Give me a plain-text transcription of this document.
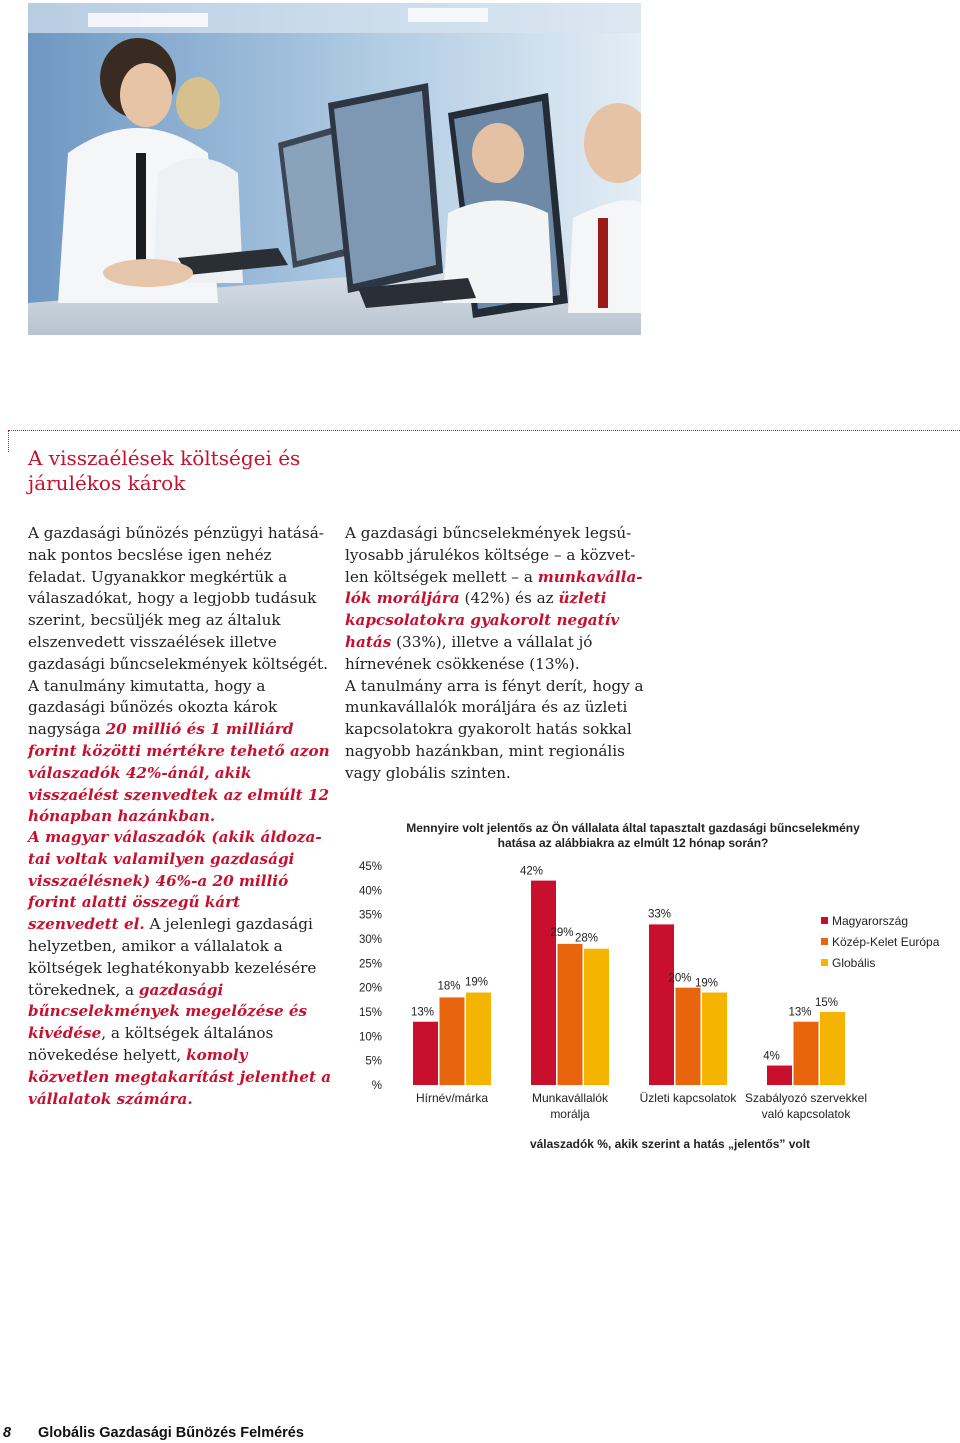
A visszaélések költségei és járulékos károk

A gazdasági bűnözés pénzügyi hatásának pontos becslése igen nehéz feladat. Ugyanakkor megkértük a válaszadókat, hogy a legjobb tudásuk szerint, becsüljék meg az általuk elszenvedett visszaélések illetve gazdasági bűncselekmények költségét. A tanulmány kimutatta, hogy a gazdasági bűnözés okozta károk nagysága 20 millió és 1 milliárd forint közötti mértékre tehető azon válaszadók 42%-ánál, akik visszaélést szenvedtek az elmúlt 12 hónapban hazánkban.

A magyar válaszadók (akik áldozatai voltak valamilyen gazdasági visszaélésnek) 46%-a 20 millió forint alatti összegű kárt szenvedett el. A jelenlegi gazdasági helyzetben, amikor a vállalatok a költségek leghatékonyabb kezelésére törekednek, a gazdasági bűncselekmények megelőzése és kivédése, a költségek általános növekedése helyett, komoly közvetlen megtakarítást jelenthet a vállalatok számára.

A gazdasági bűncselekmények legsúlyosabb járulékos költsége – a közvetlen költségek mellett – a munkavállalók moráljára (42%) és az üzleti kapcsolatokra gyakorolt negatív hatás (33%), illetve a vállalat jó hírnevének csökkenése (13%).

A tanulmány arra is fényt derít, hogy a munkavállalók moráljára és az üzleti kapcsolatokra gyakorolt hatás sokkal nagyobb hazánkban, mint regionális vagy globális szinten.

Mennyire volt jelentős az Ön vállalata által tapasztalt gazdasági bűncselekmény
hatása az alábbiakra az elmúlt 12 hónap során?
%
5%
10%
15%
20%
25%
30%
35%
40%
45%
13%
42%
33%
4%
18%
29%
20%
13%
19%
28%
19%
15%
Hírnév/márka	Munkavállalók
morálja
Üzleti kapcsolatok Szabályozó szervekkel
való kapcsolatok
válaszadók %, akik szerint a hatás „jelentős” volt
Magyarország
Közép-Kelet Európa
Globális
8 Globális Gazdasági Bűnözés Felmérés
